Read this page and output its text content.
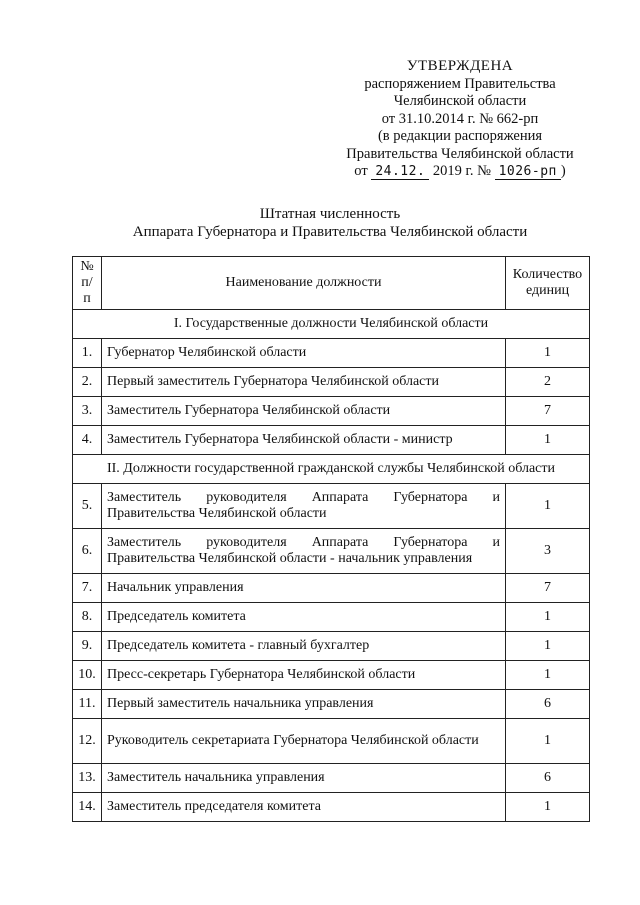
УТВЕРЖДЕНА
распоряжением Правительства
Челябинской области
от 31.10.2014 г. № 662-рп
(в редакции распоряжения
Правительства Челябинской области
от 24.12. 2019 г. № 1026-рп )
Штатная численность
Аппарата Губернатора и Правительства Челябинской области
№ п/п	Наименование должности	Количество единиц
I. Государственные должности Челябинской области		
1.	Губернатор Челябинской области	1
2.	Первый заместитель Губернатора Челябинской области	2
3.	Заместитель Губернатора Челябинской области	7
4.	Заместитель Губернатора Челябинской области - министр	1
II. Должности государственной гражданской службы Челябинской области		
5.	Заместитель руководителя Аппарата Губернатора и Правительства Челябинской области	1
6.	Заместитель руководителя Аппарата Губернатора и Правительства Челябинской области - начальник управления	3
7.	Начальник управления	7
8.	Председатель комитета	1
9.	Председатель комитета - главный бухгалтер	1
10.	Пресс-секретарь Губернатора Челябинской области	1
11.	Первый заместитель начальника управления	6
12.	Руководитель секретариата Губернатора Челябинской области	1
13.	Заместитель начальника управления	6
14.	Заместитель председателя комитета	1
